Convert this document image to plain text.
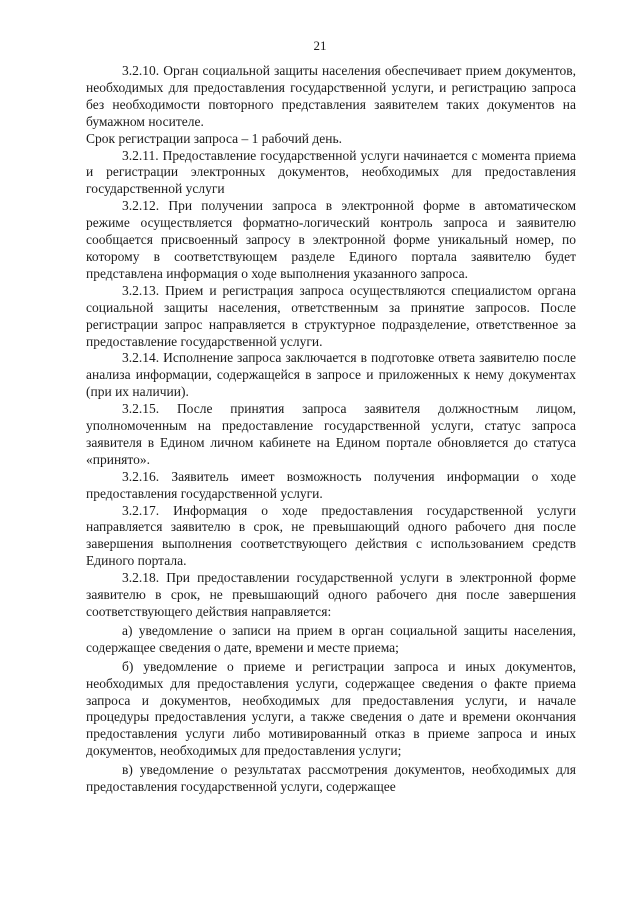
21

3.2.10. Орган социальной защиты населения обеспечивает прием документов, необходимых для предоставления государственной услуги, и регистрацию запроса без необходимости повторного представления заявителем таких документов на бумажном носителе.

Срок регистрации запроса – 1 рабочий день.

3.2.11. Предоставление государственной услуги начинается с момента приема и регистрации электронных документов, необходимых для предоставления государственной услуги

3.2.12. При получении запроса в электронной форме в автоматическом режиме осуществляется форматно-логический контроль запроса и заявителю сообщается присвоенный запросу в электронной форме уникальный номер, по которому в соответствующем разделе Единого портала заявителю будет представлена информация о ходе выполнения указанного запроса.

3.2.13. Прием и регистрация запроса осуществляются специалистом органа социальной защиты населения, ответственным за принятие запросов. После регистрации запрос направляется в структурное подразделение, ответственное за предоставление государственной услуги.

3.2.14. Исполнение запроса заключается в подготовке ответа заявителю после анализа информации, содержащейся в запросе и приложенных к нему документах (при их наличии).

3.2.15. После принятия запроса заявителя должностным лицом, уполномоченным на предоставление государственной услуги, статус запроса заявителя в Едином личном кабинете на Едином портале обновляется до статуса «принято».

3.2.16. Заявитель имеет возможность получения информации о ходе предоставления государственной услуги.

3.2.17. Информация о ходе предоставления государственной услуги направляется заявителю в срок, не превышающий одного рабочего дня после завершения выполнения соответствующего действия с использованием средств Единого портала.

3.2.18. При предоставлении государственной услуги в электронной форме заявителю в срок, не превышающий одного рабочего дня после завершения соответствующего действия направляется:

а) уведомление о записи на прием в орган социальной защиты населения, содержащее сведения о дате, времени и месте приема;

б) уведомление о приеме и регистрации запроса и иных документов, необходимых для предоставления услуги, содержащее сведения о факте приема запроса и документов, необходимых для предоставления услуги, и начале процедуры предоставления услуги, а также сведения о дате и времени окончания предоставления услуги либо мотивированный отказ в приеме запроса и иных документов, необходимых для предоставления услуги;

в) уведомление о результатах рассмотрения документов, необходимых для предоставления государственной услуги, содержащее
